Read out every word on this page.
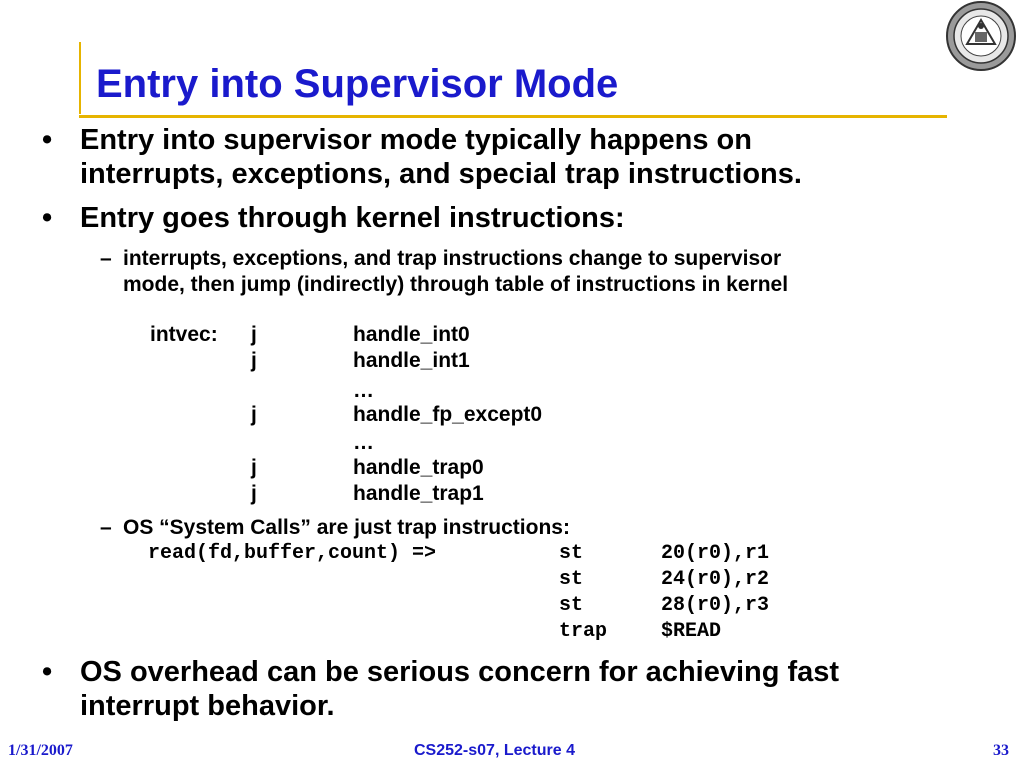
Entry into Supervisor Mode
• Entry into supervisor mode typically happens on
interrupts, exceptions, and special trap instructions.
• Entry goes through kernel instructions:
– interrupts, exceptions, and trap instructions change to supervisor
mode, then jump (indirectly) through table of instructions in kernel
intvec: j	handle_int0
j	handle_int1
…
j	handle_fp_except0
…
j	handle_trap0
j	handle_trap1
– OS “System Calls” are just trap instructions:
read(fd,buffer,count) =>	st	20(r0),r1
st	24(r0),r2
st	28(r0),r3
trap	$READ
• OS overhead can be serious concern for achieving fast
interrupt behavior.
1/31/2007	CS252-s07, Lecture 4	33
